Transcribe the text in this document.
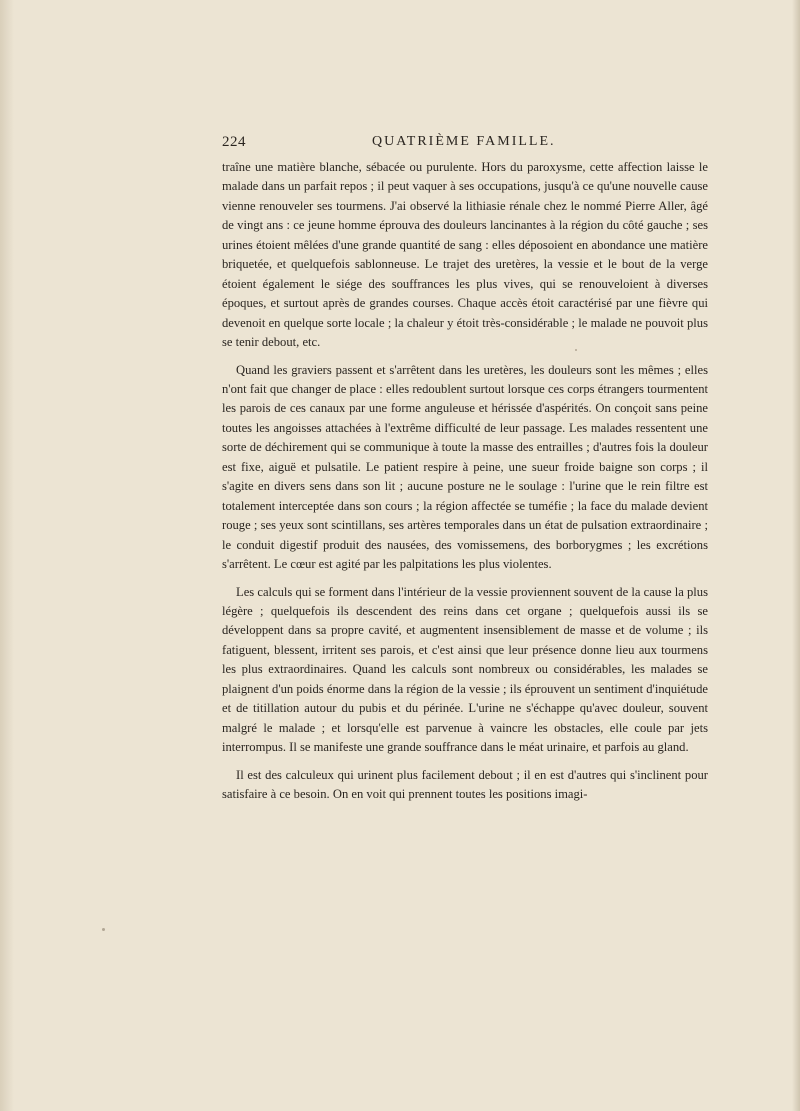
224	QUATRIÈME FAMILLE.

traîne une matière blanche, sébacée ou purulente. Hors du paroxysme, cette affection laisse le malade dans un parfait repos ; il peut vaquer à ses occupations, jusqu'à ce qu'une nouvelle cause vienne renouveler ses tourmens. J'ai observé la lithiasie rénale chez le nommé Pierre Aller, âgé de vingt ans : ce jeune homme éprouva des douleurs lancinantes à la région du côté gauche ; ses urines étoient mêlées d'une grande quantité de sang : elles déposoient en abondance une matière briquetée, et quelquefois sablonneuse. Le trajet des uretères, la vessie et le bout de la verge étoient également le siége des souffrances les plus vives, qui se renouveloient à diverses époques, et surtout après de grandes courses. Chaque accès étoit caractérisé par une fièvre qui devenoit en quelque sorte locale ; la chaleur y étoit très-considérable ; le malade ne pouvoit plus se tenir debout, etc.

Quand les graviers passent et s'arrêtent dans les uretères, les douleurs sont les mêmes ; elles n'ont fait que changer de place : elles redoublent surtout lorsque ces corps étrangers tourmentent les parois de ces canaux par une forme anguleuse et hérissée d'aspérités. On conçoit sans peine toutes les angoisses attachées à l'extrême difficulté de leur passage. Les malades ressentent une sorte de déchirement qui se communique à toute la masse des entrailles ; d'autres fois la douleur est fixe, aiguë et pulsatile. Le patient respire à peine, une sueur froide baigne son corps ; il s'agite en divers sens dans son lit ; aucune posture ne le soulage : l'urine que le rein filtre est totalement interceptée dans son cours ; la région affectée se tuméfie ; la face du malade devient rouge ; ses yeux sont scintillans, ses artères temporales dans un état de pulsation extraordinaire ; le conduit digestif produit des nausées, des vomissemens, des borborygmes ; les excrétions s'arrêtent. Le cœur est agité par les palpitations les plus violentes.

Les calculs qui se forment dans l'intérieur de la vessie proviennent souvent de la cause la plus légère ; quelquefois ils descendent des reins dans cet organe ; quelquefois aussi ils se développent dans sa propre cavité, et augmentent insensiblement de masse et de volume ; ils fatiguent, blessent, irritent ses parois, et c'est ainsi que leur présence donne lieu aux tourmens les plus extraordinaires. Quand les calculs sont nombreux ou considérables, les malades se plaignent d'un poids énorme dans la région de la vessie ; ils éprouvent un sentiment d'inquiétude et de titillation autour du pubis et du périnée. L'urine ne s'échappe qu'avec douleur, souvent malgré le malade ; et lorsqu'elle est parvenue à vaincre les obstacles, elle coule par jets interrompus. Il se manifeste une grande souffrance dans le méat urinaire, et parfois au gland.

Il est des calculeux qui urinent plus facilement debout ; il en est d'autres qui s'inclinent pour satisfaire à ce besoin. On en voit qui prennent toutes les positions imagi-
